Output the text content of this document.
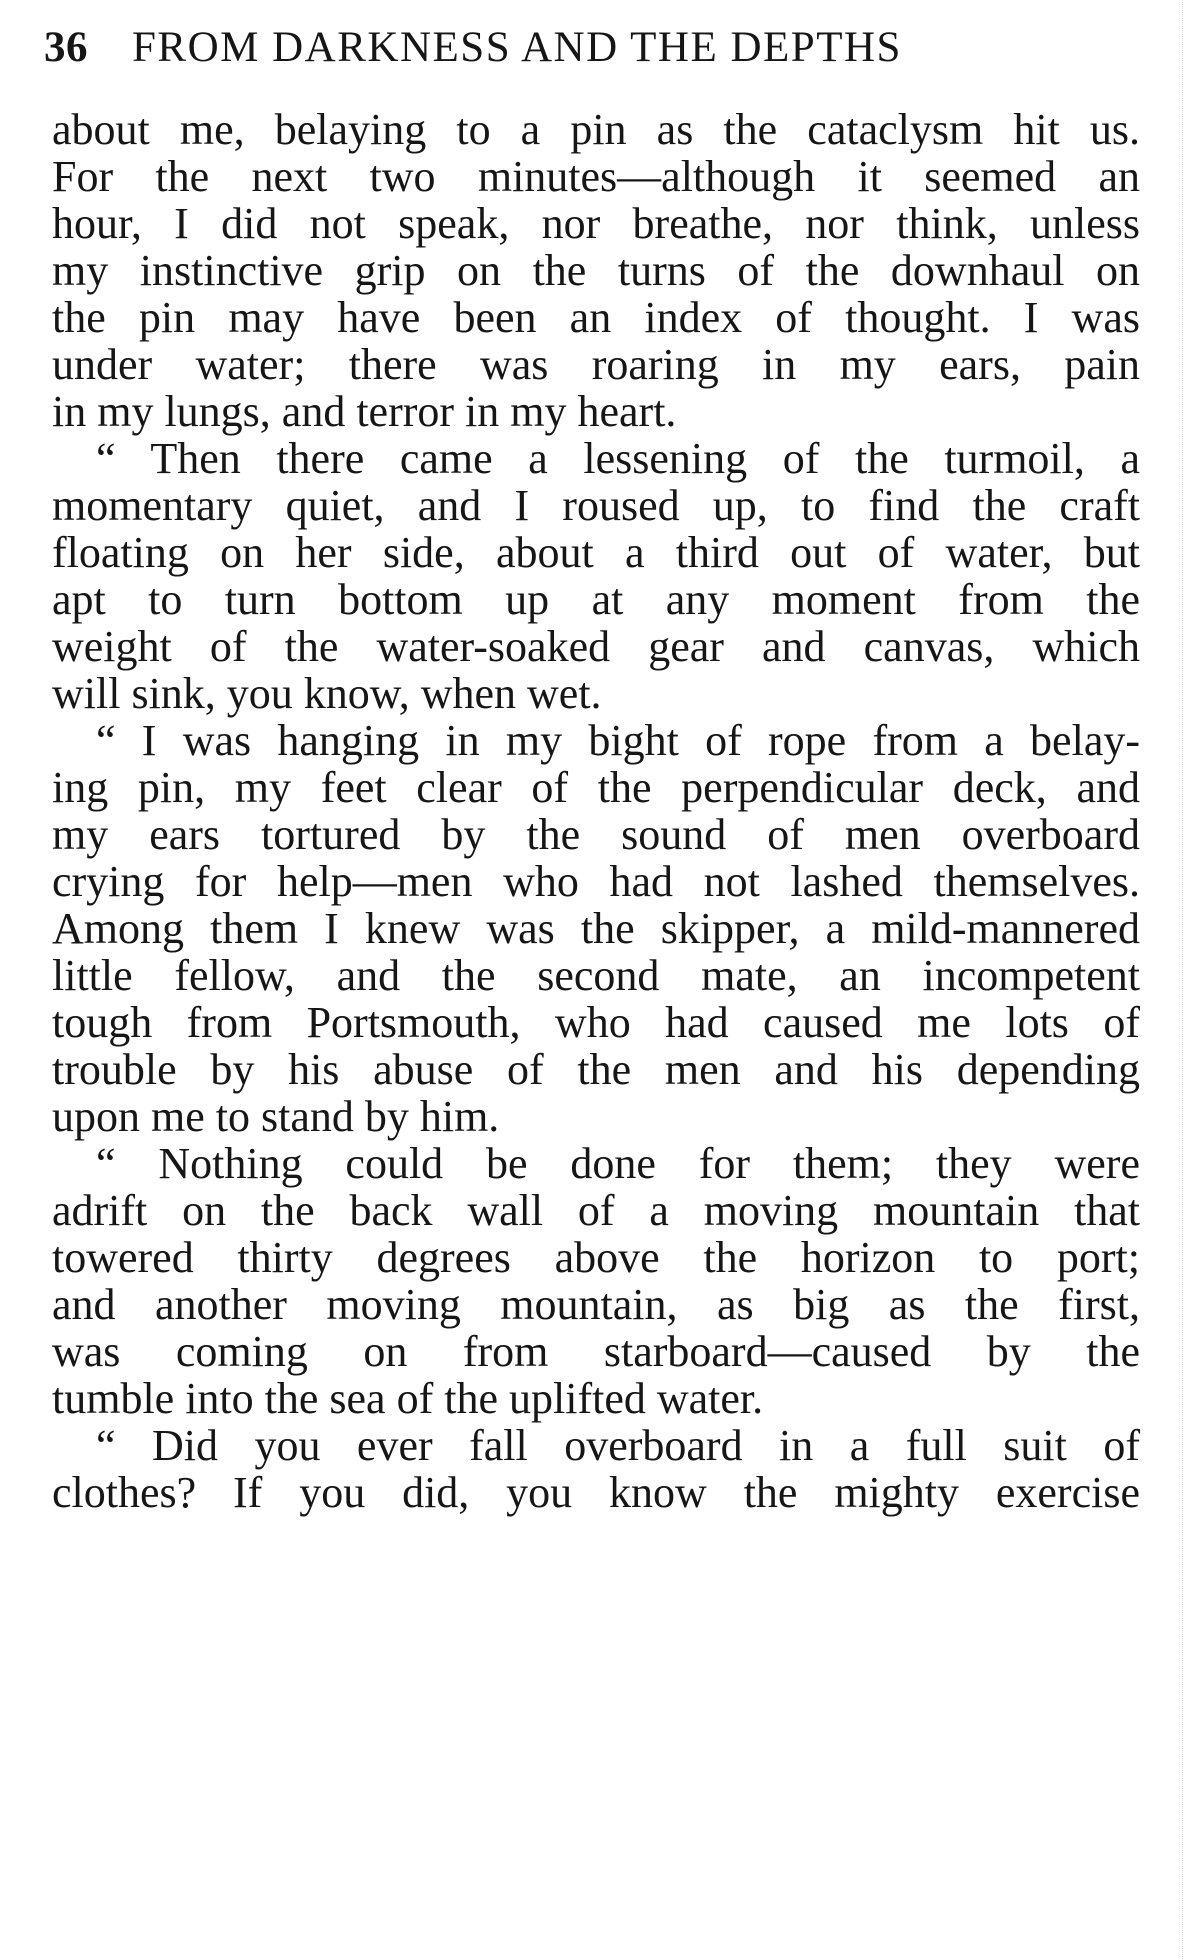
36 FROM DARKNESS AND THE DEPTHS
about me, belaying to a pin as the cataclysm hit us.
For the next two minutes—although it seemed an
hour, I did not speak, nor breathe, nor think, unless
my instinctive grip on the turns of the downhaul on
the pin may have been an index of thought. I was
under water; there was roaring in my ears, pain
in my lungs, and terror in my heart.
“ Then there came a lessening of the turmoil, a
momentary quiet, and I roused up, to find the craft
floating on her side, about a third out of water, but
apt to turn bottom up at any moment from the
weight of the water-soaked gear and canvas, which
will sink, you know, when wet.
“ I was hanging in my bight of rope from a belay-
ing pin, my feet clear of the perpendicular deck, and
my ears tortured by the sound of men overboard
crying for help—men who had not lashed themselves.
Among them I knew was the skipper, a mild-mannered
little fellow, and the second mate, an incompetent
tough from Portsmouth, who had caused me lots of
trouble by his abuse of the men and his depending
upon me to stand by him.
“ Nothing could be done for them; they were
adrift on the back wall of a moving mountain that
towered thirty degrees above the horizon to port;
and another moving mountain, as big as the first,
was coming on from starboard—caused by the
tumble into the sea of the uplifted water.
“ Did you ever fall overboard in a full suit of
clothes? If you did, you know the mighty exercise
